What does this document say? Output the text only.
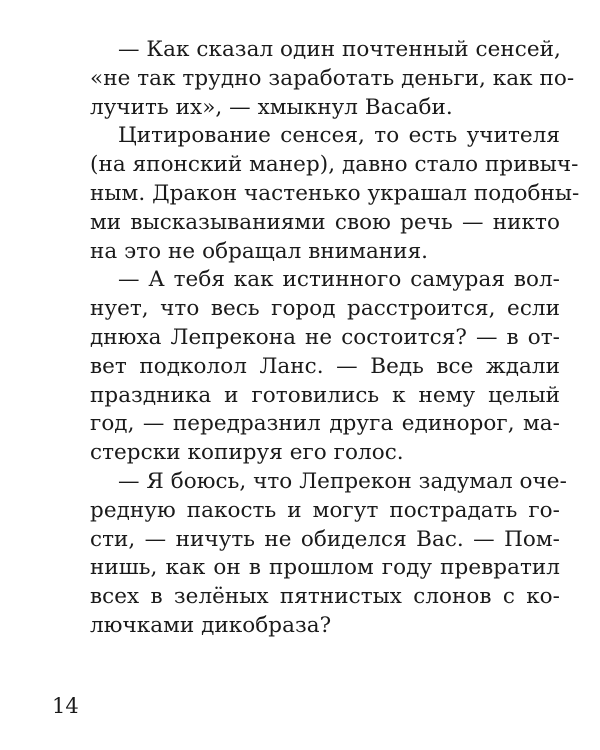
— Как сказал один почтенный сенсей,
«не так трудно заработать деньги, как по-
лучить их», — хмыкнул Васаби.
Цитирование сенсея, то есть учителя
(на японский манер), давно стало привыч-
ным. Дракон частенько украшал подобны-
ми высказываниями свою речь — никто
на это не обращал внимания.
— А тебя как истинного самурая вол-
нует, что весь город расстроится, если
днюха Лепрекона не состоится? — в от-
вет подколол Ланс. — Ведь все ждали
праздника и готовились к нему целый
год, — передразнил друга единорог, ма-
стерски копируя его голос.
— Я боюсь, что Лепрекон задумал оче-
редную пакость и могут пострадать го-
сти, — ничуть не обиделся Вас. — Пом-
нишь, как он в прошлом году превратил
всех в зелёных пятнистых слонов с ко-
лючками дикобраза?
14
